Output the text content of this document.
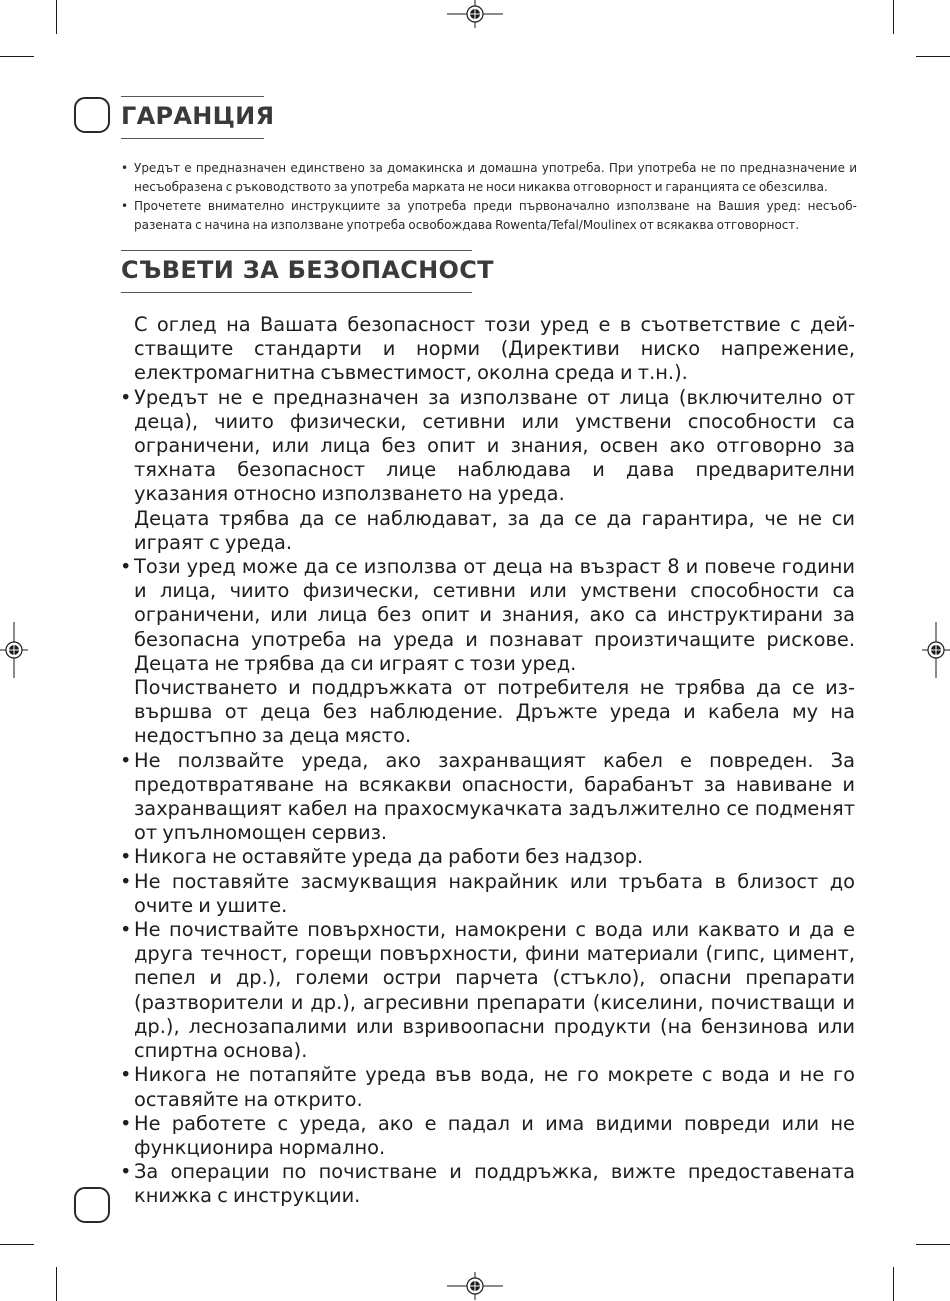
ГАРАНЦИЯ

• Уредът е предназначен единствено за домакинска и домашна употреба. При употреба не по предназначение и несъобразена с ръководството за употреба марката не носи никаква отговорност и гаранцията се обезсилва.

• Прочетете внимателно инструкциите за употреба преди първоначално използване на Вашия уред: несъобразената с начина на използване употреба освобождава Rowenta/Tefal/Moulinex от всякаква отговорност.

СЪВЕТИ ЗА БЕЗОПАСНОСТ

С оглед на Вашата безопасност този уред е в съответствие с действащите стандарти и норми (Директиви ниско напрежение, електромагнитна съвместимост, околна среда и т.н.).

• Уредът не е предназначен за използване от лица (включително от деца), чиито физически, сетивни или умствени способности са ограничени, или лица без опит и знания, освен ако отговорно за тяхната безопасност лице наблюдава и дава предварителни указания относно използването на уреда.

Децата трябва да се наблюдават, за да се да гарантира, че не си играят с уреда.

• Този уред може да се използва от деца на възраст 8 и повече години и лица, чиито физически, сетивни или умствени способности са ограничени, или лица без опит и знания, ако са инструктирани за безопасна употреба на уреда и познават произтичащите рискове. Децата не трябва да си играят с този уред.

Почистването и поддръжката от потребителя не трябва да се извършва от деца без наблюдение. Дръжте уреда и кабела му на недостъпно за деца място.

• Не ползвайте уреда, ако захранващият кабел е повреден. За предотвратяване на всякакви опасности, барабанът за навиване и захранващият кабел на прахосмукачката задължително се подменят от упълномощен сервиз.

• Никога не оставяйте уреда да работи без надзор.

• Не поставяйте засмукващия накрайник или тръбата в близост до очите и ушите.

• Не почиствайте повърхности, намокрени с вода или каквато и да е друга течност, горещи повърхности, фини материали (гипс, цимент, пепел и др.), големи остри парчета (стъкло), опасни препарати (разтворители и др.), агресивни препарати (киселини, почистващи и др.), леснозапалими или взривоопасни продукти (на бензинова или спиртна основа).

• Никога не потапяйте уреда във вода, не го мокрете с вода и не го оставяйте на открито.

• Не работете с уреда, ако е падал и има видими повреди или не функционира нормално.

• За операции по почистване и поддръжка, вижте предоставената книжка с инструкции.
